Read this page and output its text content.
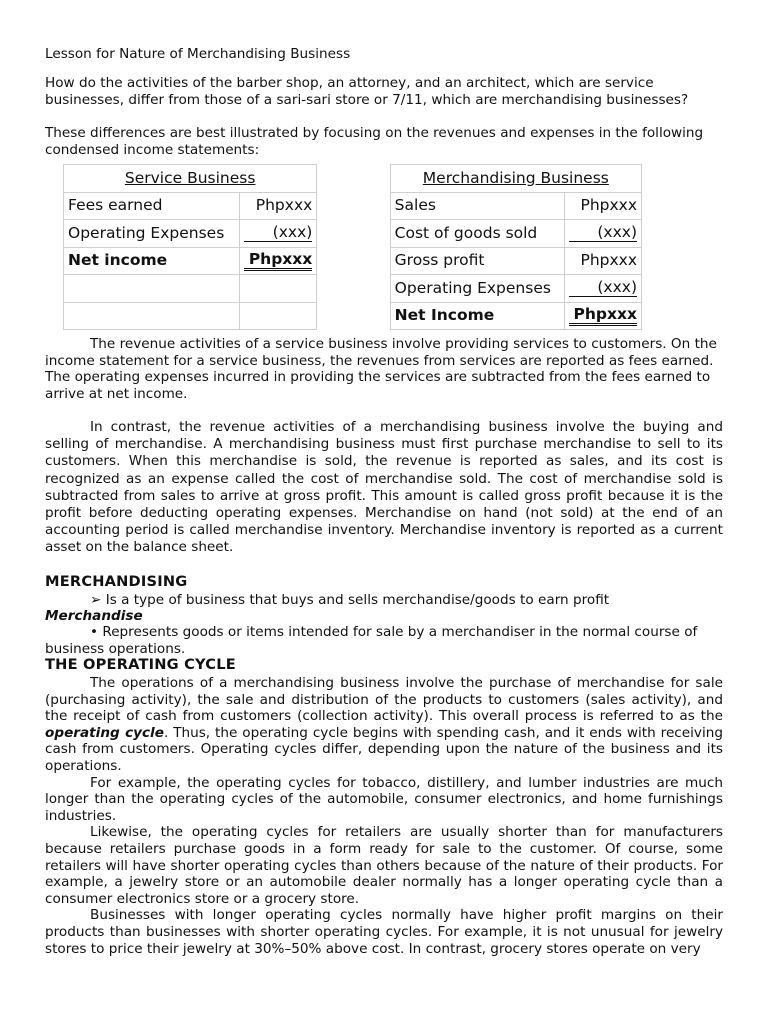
Lesson for Nature of Merchandising Business

How do the activities of the barber shop, an attorney, and an architect, which are service businesses, differ from those of a sari-sari store or 7/11, which are merchandising businesses?

These differences are best illustrated by focusing on the revenues and expenses in the following condensed income statements:

Service Business			Merchandising Business	
Fees earned	Phpxxx		Sales	Phpxxx
Operating Expenses	(xxx)		Cost of goods sold	(xxx)
Net income	Phpxxx		Gross profit	Phpxxx
			Operating Expenses	(xxx)
			Net Income	Phpxxx

The revenue activities of a service business involve providing services to customers. On the income statement for a service business, the revenues from services are reported as fees earned. The operating expenses incurred in providing the services are subtracted from the fees earned to arrive at net income.

In contrast, the revenue activities of a merchandising business involve the buying and selling of merchandise. A merchandising business must first purchase merchandise to sell to its customers. When this merchandise is sold, the revenue is reported as sales, and its cost is recognized as an expense called the cost of merchandise sold. The cost of merchandise sold is subtracted from sales to arrive at gross profit. This amount is called gross profit because it is the profit before deducting operating expenses. Merchandise on hand (not sold) at the end of an accounting period is called merchandise inventory. Merchandise inventory is reported as a current asset on the balance sheet.

MERCHANDISING

➢ Is a type of business that buys and sells merchandise/goods to earn profit

Merchandise

• Represents goods or items intended for sale by a merchandiser in the normal course of business operations.

THE OPERATING CYCLE

The operations of a merchandising business involve the purchase of merchandise for sale (purchasing activity), the sale and distribution of the products to customers (sales activity), and the receipt of cash from customers (collection activity). This overall process is referred to as the operating cycle. Thus, the operating cycle begins with spending cash, and it ends with receiving cash from customers. Operating cycles differ, depending upon the nature of the business and its operations.

For example, the operating cycles for tobacco, distillery, and lumber industries are much longer than the operating cycles of the automobile, consumer electronics, and home furnishings industries.

Likewise, the operating cycles for retailers are usually shorter than for manufacturers because retailers purchase goods in a form ready for sale to the customer. Of course, some retailers will have shorter operating cycles than others because of the nature of their products. For example, a jewelry store or an automobile dealer normally has a longer operating cycle than a consumer electronics store or a grocery store.

Businesses with longer operating cycles normally have higher profit margins on their products than businesses with shorter operating cycles. For example, it is not unusual for jewelry stores to price their jewelry at 30%–50% above cost. In contrast, grocery stores operate on very
